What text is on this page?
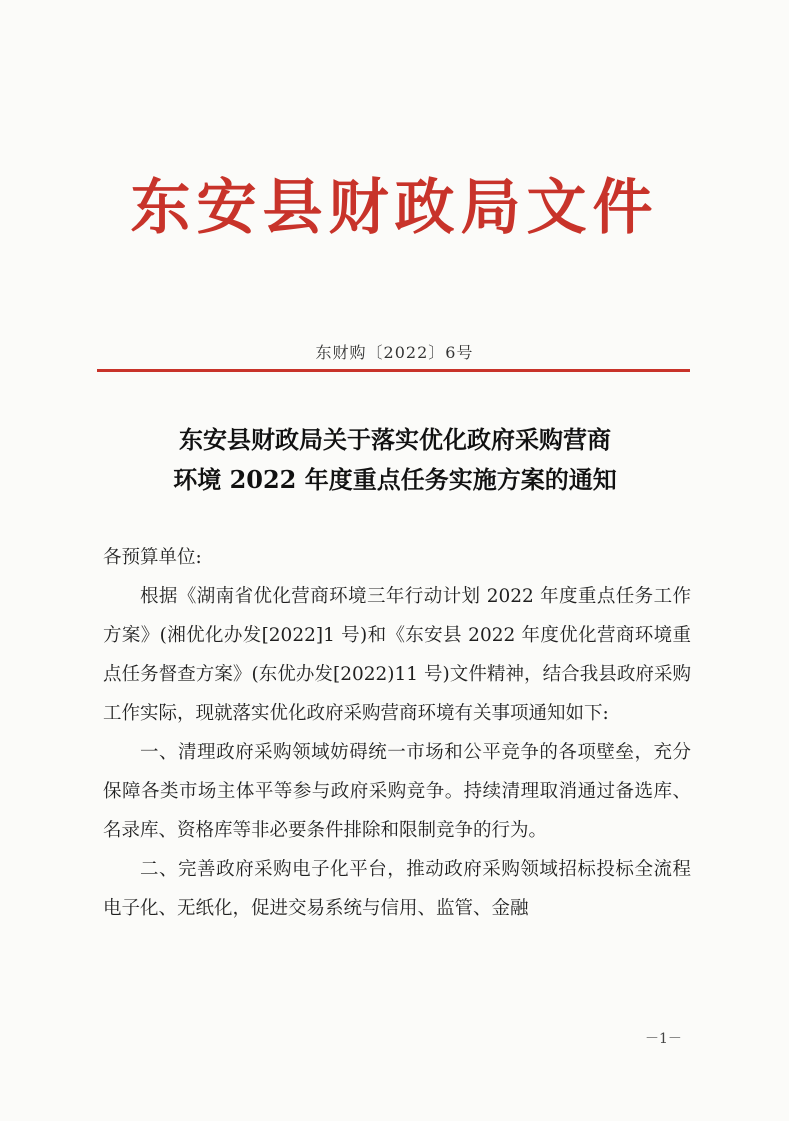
东安县财政局文件
东财购〔2022〕6号
东安县财政局关于落实优化政府采购营商
环境 2022 年度重点任务实施方案的通知

各预算单位:

根据《湖南省优化营商环境三年行动计划 2022 年度重点任务工作方案》(湘优化办发[2022]1 号)和《东安县 2022 年度优化营商环境重点任务督查方案》(东优办发[2022)11 号)文件精神，结合我县政府采购工作实际，现就落实优化政府采购营商环境有关事项通知如下:

一、清理政府采购领域妨碍统一市场和公平竞争的各项壁垒，充分保障各类市场主体平等参与政府采购竞争。持续清理取消通过备选库、名录库、资格库等非必要条件排除和限制竞争的行为。

二、完善政府采购电子化平台，推动政府采购领域招标投标全流程电子化、无纸化，促进交易系统与信用、监管、金融

－1－
